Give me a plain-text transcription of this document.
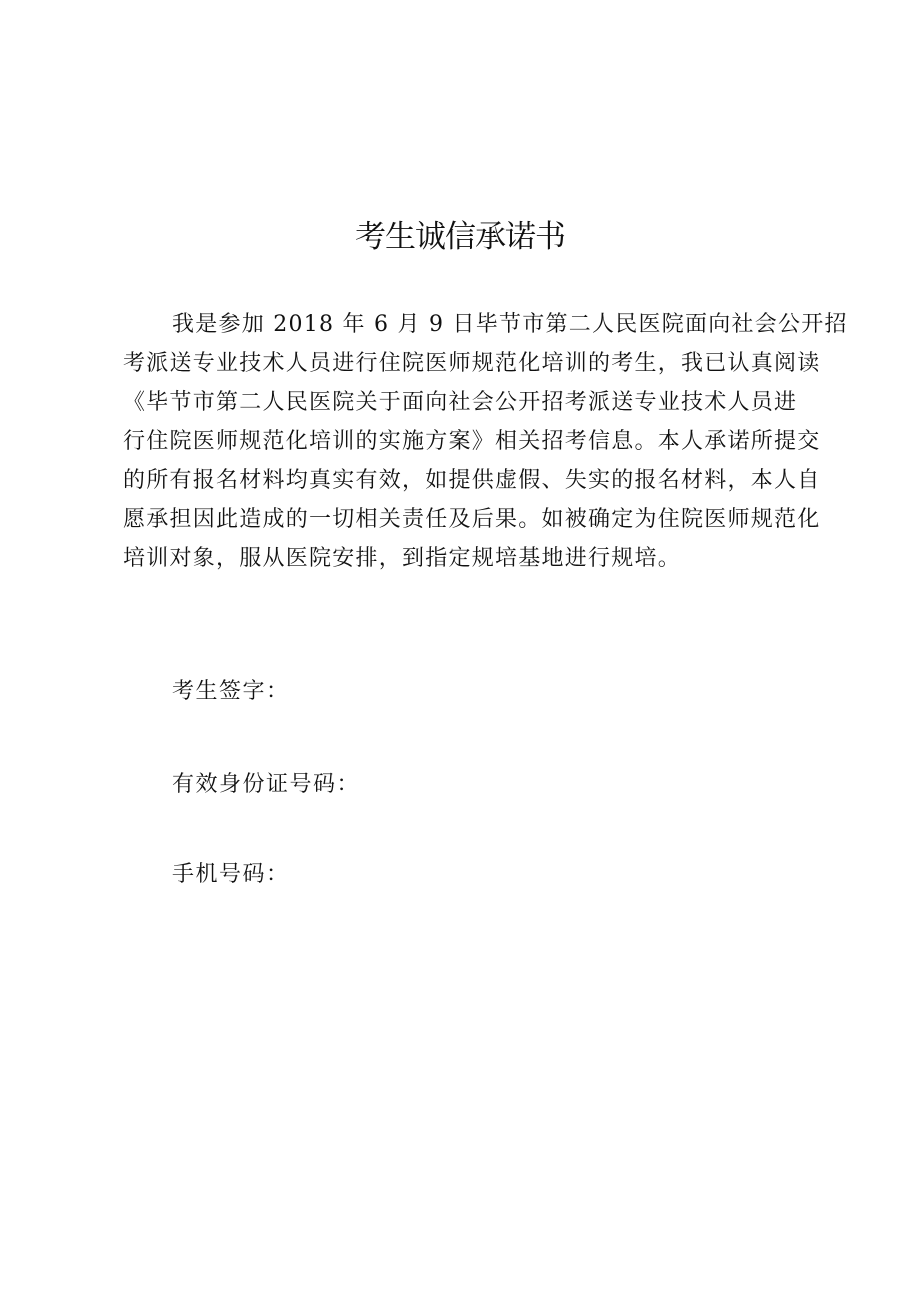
考生诚信承诺书
我是参加 2018 年 6 月 9 日毕节市第二人民医院面向社会公开招
考派送专业技术人员进行住院医师规范化培训的考生，我已认真阅读
《毕节市第二人民医院关于面向社会公开招考派送专业技术人员进
行住院医师规范化培训的实施方案》相关招考信息。本人承诺所提交
的所有报名材料均真实有效，如提供虚假、失实的报名材料，本人自
愿承担因此造成的一切相关责任及后果。如被确定为住院医师规范化
培训对象，服从医院安排，到指定规培基地进行规培。
考生签字：
有效身份证号码：
手机号码：
